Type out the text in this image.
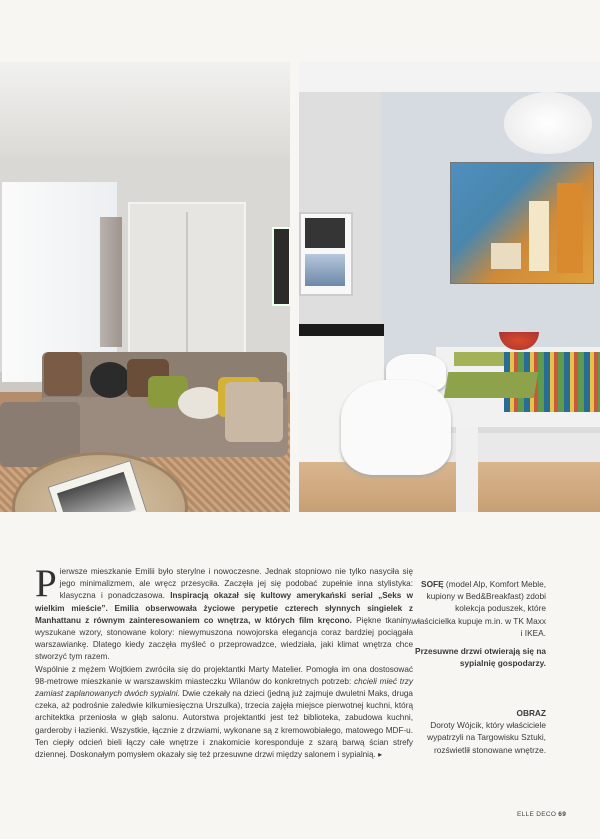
Pierwsze mieszkanie Emilii było sterylne i nowoczesne. Jednak stopniowo nie tylko nasyciła się jego minimalizmem, ale wręcz przesyciła. Zaczęła jej się podobać zupełnie inna stylistyka: klasyczna i ponadczasowa. Inspiracją okazał się kultowy amerykański serial „Seks w wielkim mieście”. Emilia obserwowała życiowe perypetie czterech słynnych singielek z Manhattanu z równym zainteresowaniem co wnętrza, w których film kręcono. Piękne tkaniny, wyszukane wzory, stonowane kolory: niewymuszona nowojorska elegancja coraz bardziej pociągała warszawiankę. Dlatego kiedy zaczęła myśleć o przeprowadzce, wiedziała, jaki klimat wnętrza chce stworzyć tym razem.

Wspólnie z mężem Wojtkiem zwróciła się do projektantki Marty Matelier. Pomogła im ona dostosować 98-metrowe mieszkanie w warszawskim miasteczku Wilanów do konkretnych potrzeb: chcieli mieć trzy zamiast zaplanowanych dwóch sypialni. Dwie czekały na dzieci (jedną już zajmuje dwuletni Maks, druga czeka, aż podrośnie zaledwie kilkumiesięczna Urszulka), trzecia zajęła miejsce pierwotnej kuchni, którą architektka przeniosła w głąb salonu. Autorstwa projektantki jest też biblioteka, zabudowa kuchni, garderoby i łazienki. Wszystkie, łącznie z drzwiami, wykonane są z kremowobiałego, matowego MDF-u. Ten ciepły odcień bieli łączy całe wnętrze i znakomicie koresponduje z szarą barwą ścian strefy dziennej. Doskonałym pomysłem okazały się też przesuwne drzwi między salonem i sypialnią. ▸

SOFĘ (model Alp, Komfort Meble, kupiony w Bed&Breakfast) zdobi kolekcja poduszek, które właścicielka kupuje m.in. w TK Maxx i IKEA.
Przesuwne drzwi otwierają się na sypialnię gospodarzy.
OBRAZ
Doroty Wójcik, który właściciele wypatrzyli na Targowisku Sztuki, rozświetlił stonowane wnętrze.
ELLE DECO 69
